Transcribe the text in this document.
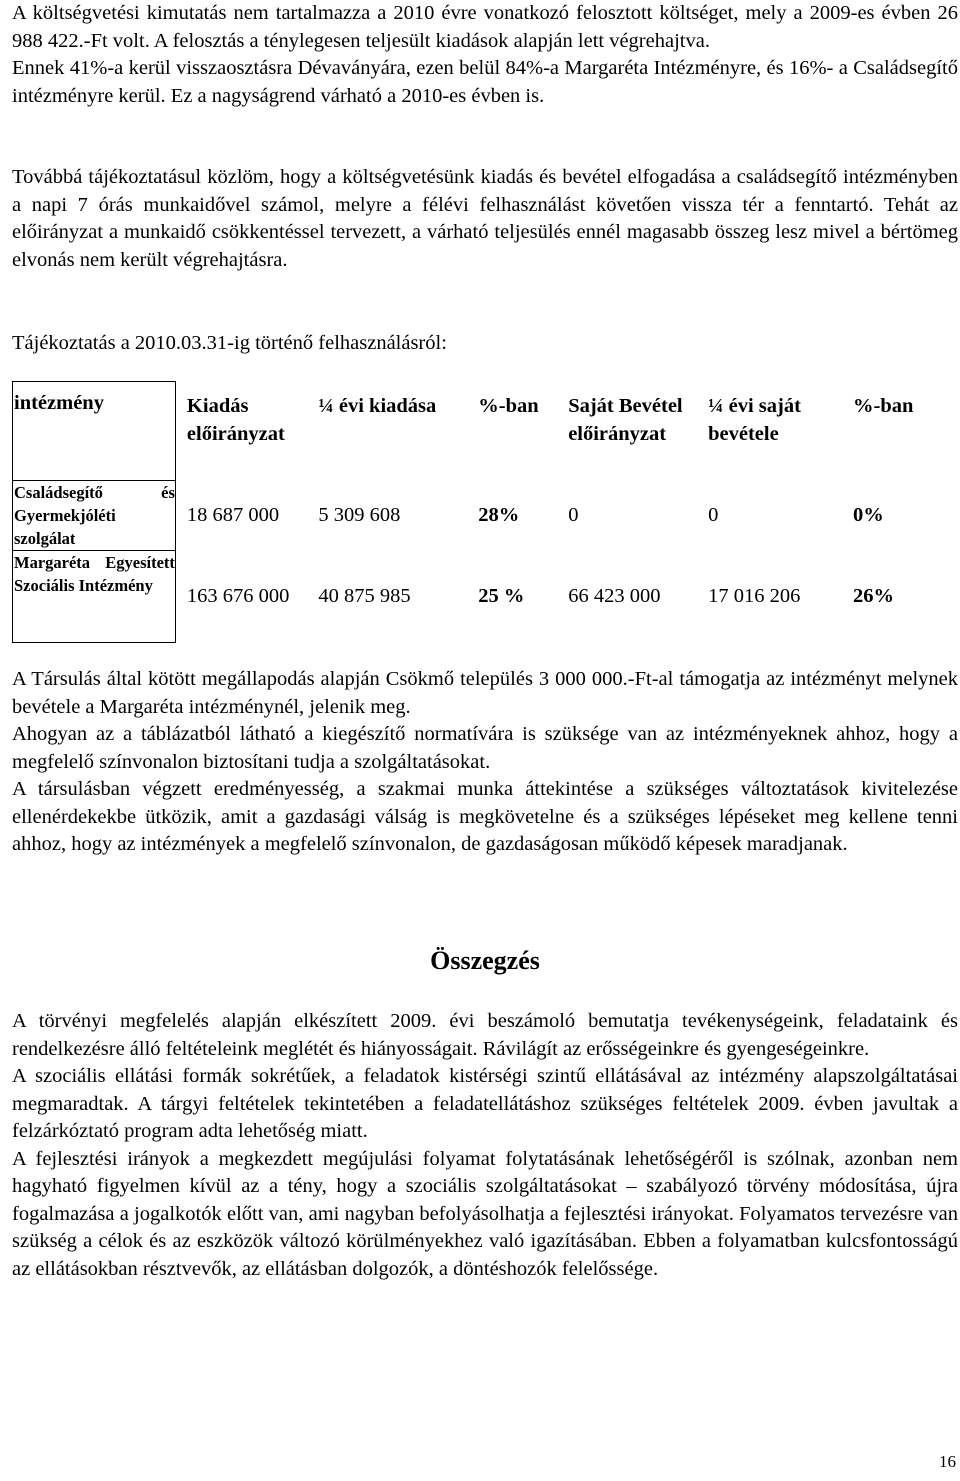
A költségvetési kimutatás nem tartalmazza a 2010 évre vonatkozó felosztott költséget, mely a 2009-es évben 26 988 422.-Ft volt. A felosztás a ténylegesen teljesült kiadások alapján lett végrehajtva.

Ennek 41%-a kerül visszaosztásra Dévaványára, ezen belül 84%-a Margaréta Intézményre, és 16%- a Családsegítő intézményre kerül. Ez a nagyságrend várható a 2010-es évben is.

Továbbá tájékoztatásul közlöm, hogy a költségvetésünk kiadás és bevétel elfogadása a családsegítő intézményben a napi 7 órás munkaidővel számol, melyre a félévi felhasználást követően vissza tér a fenntartó. Tehát az előirányzat a munkaidő csökkentéssel tervezett, a várható teljesülés ennél magasabb összeg lesz mivel a bértömeg elvonás nem került végrehajtásra.

Tájékoztatás a 2010.03.31-ig történő felhasználásról:

intézmény	Kiadás előirányzat	¼ évi kiadása	%-ban	Saját Bevétel előirányzat	¼ évi saját bevétele	%-ban
Családsegítő és Gyermekjóléti szolgálat	18 687 000	5 309 608	28%	0	0	0%
Margaréta Egyesített Szociális Intézmény	163 676 000	40 875 985	25 %	66 423 000	17 016 206	26%

A Társulás által kötött megállapodás alapján Csökmő település 3 000 000.-Ft-al támogatja az intézményt melynek bevétele a Margaréta intézménynél, jelenik meg.

Ahogyan az a táblázatból látható a kiegészítő normatívára is szüksége van az intézményeknek ahhoz, hogy a megfelelő színvonalon biztosítani tudja a szolgáltatásokat.

A társulásban végzett eredményesség, a szakmai munka áttekintése a szükséges változtatások kivitelezése ellenérdekekbe ütközik, amit a gazdasági válság is megkövetelne és a szükséges lépéseket meg kellene tenni ahhoz, hogy az intézmények a megfelelő színvonalon, de gazdaságosan működő képesek maradjanak.

Összegzés

A törvényi megfelelés alapján elkészített 2009. évi beszámoló bemutatja tevékenységeink, feladataink és rendelkezésre álló feltételeink meglétét és hiányosságait. Rávilágít az erősségeinkre és gyengeségeinkre.

A szociális ellátási formák sokrétűek, a feladatok kistérségi szintű ellátásával az intézmény alapszolgáltatásai megmaradtak. A tárgyi feltételek tekintetében a feladatellátáshoz szükséges feltételek 2009. évben javultak a felzárkóztató program adta lehetőség miatt.

A fejlesztési irányok a megkezdett megújulási folyamat folytatásának lehetőségéről is szólnak, azonban nem hagyható figyelmen kívül az a tény, hogy a szociális szolgáltatásokat – szabályozó törvény módosítása, újra fogalmazása a jogalkotók előtt van, ami nagyban befolyásolhatja a fejlesztési irányokat. Folyamatos tervezésre van szükség a célok és az eszközök változó körülményekhez való igazításában. Ebben a folyamatban kulcsfontosságú az ellátásokban résztvevők, az ellátásban dolgozók, a döntéshozók felelőssége.

16
